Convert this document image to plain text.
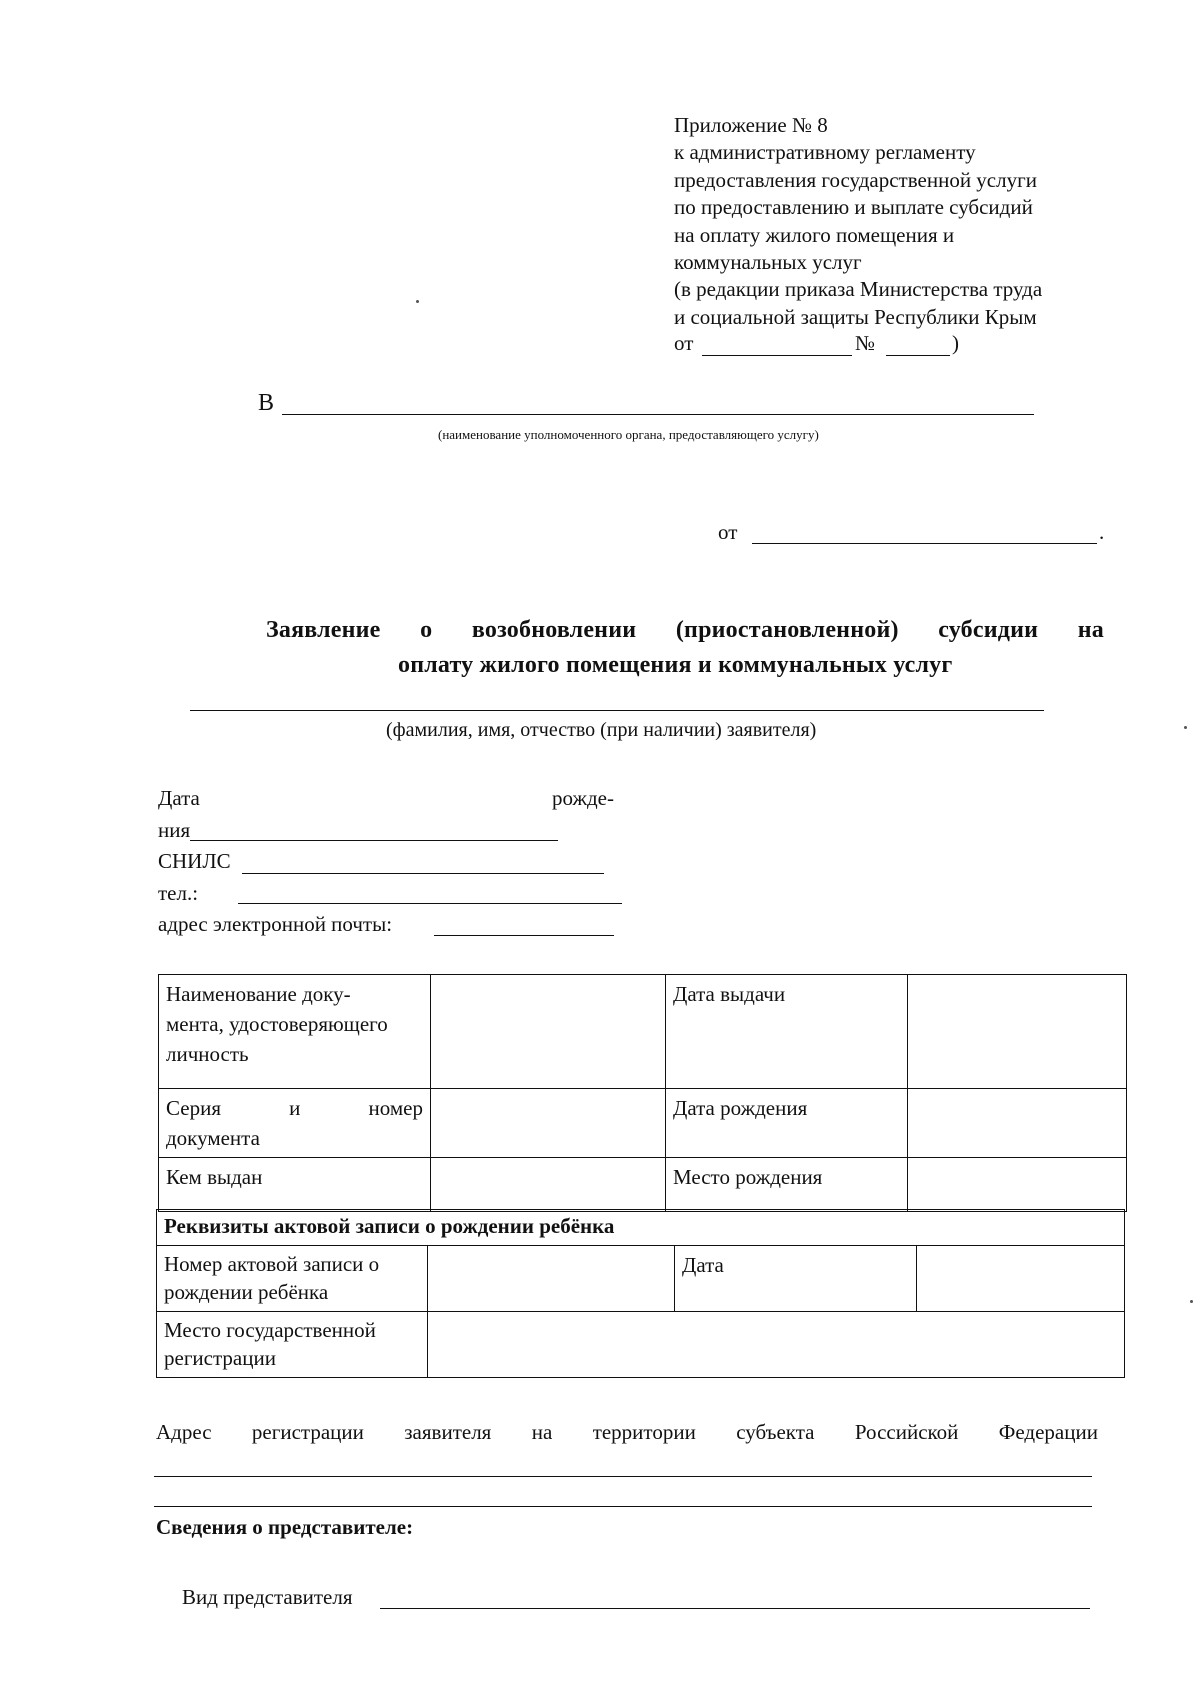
Приложение № 8
к административному регламенту
предоставления государственной услуги
по предоставлению и выплате субсидий
на оплату жилого помещения и
коммунальных услуг
(в редакции приказа Министерства труда
и социальной защиты Республики Крым
от	№	)
В
(наименование уполномоченного органа, предоставляющего услугу)
от	.
Заявление о возобновлении (приостановленной) субсидии на
оплату жилого помещения и коммунальных услуг
(фамилия, имя, отчество (при наличии) заявителя)
Дата	рожде-
ния
СНИЛС
тел.:
адрес электронной почты:
Наименование доку-
мента, удостоверяющего
личность		Дата выдачи	

Серия и номер
документа		Дата рождения	
Кем выдан		Место рождения	
Реквизиты актовой записи о рождении ребёнка			

Номер актовой записи о
рождении ребёнка		Дата	

Место государственной
регистрации			

Адрес регистрации заявителя на территории субъекта Российской Федерации
Сведения о представителе:
Вид представителя
